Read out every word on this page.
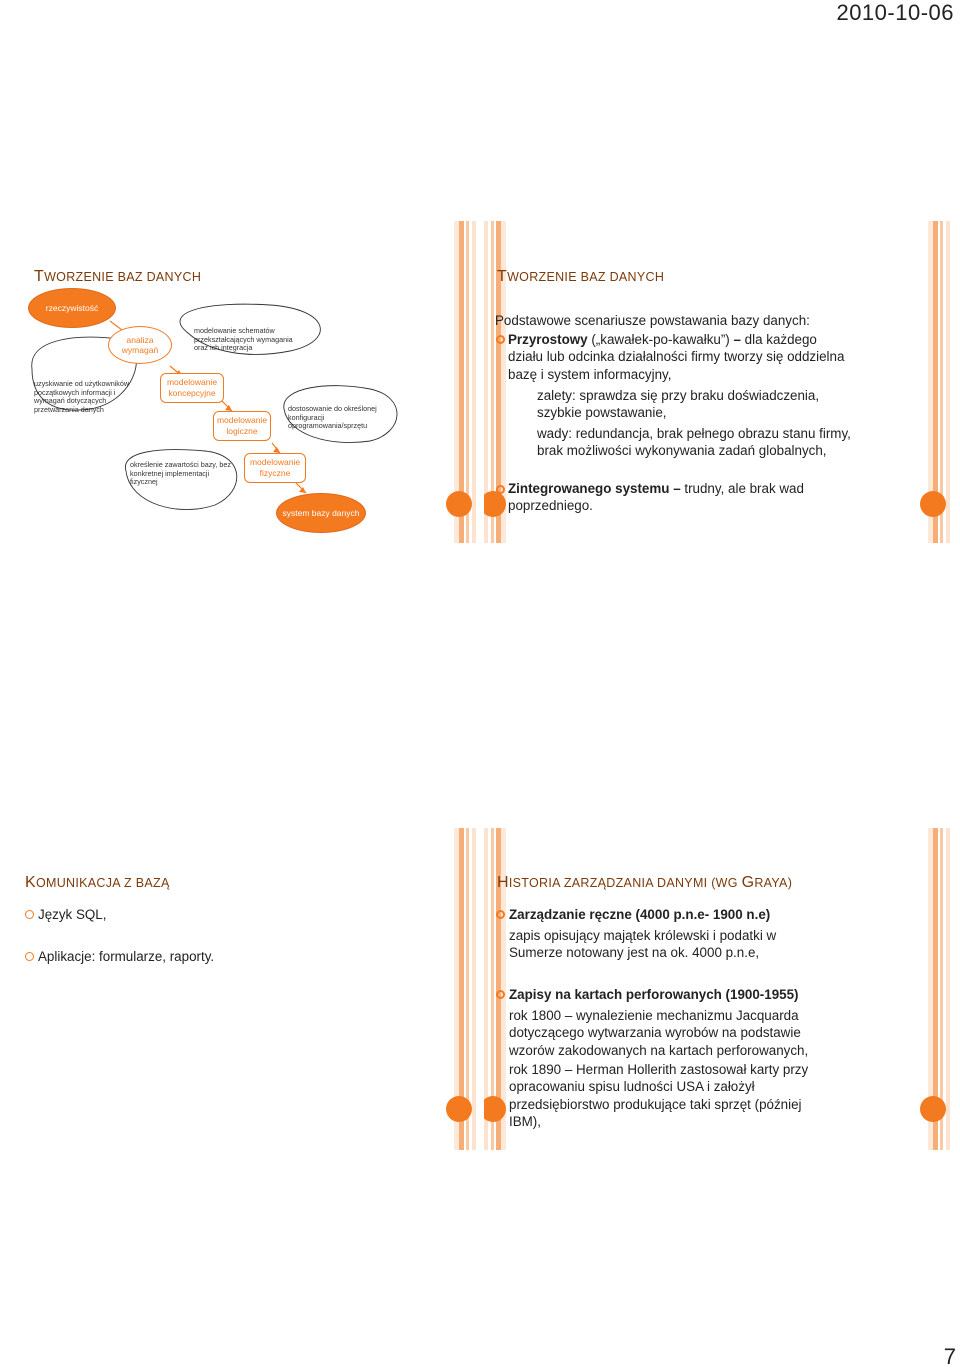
2010-10-06
TWORZENIE BAZ DANYCH
rzeczywistość
analiza wymagań
modelowanie koncepcyjne
modelowanie logiczne
modelowanie fizyczne
system bazy danych
uzyskiwanie od użytkowników początkowych informacji i wymagań dotyczących przetwarzania danych
modelowanie schematów przekształcających wymagania oraz ich integracja
określenie zawartości bazy, bez konkretnej implementacji fizycznej
dostosowanie do określonej konfiguracji oprogramowania/sprzętu
TWORZENIE BAZ DANYCH
Podstawowe scenariusze powstawania bazy danych:
Przyrostowy („kawałek-po-kawałku”) – dla każdego działu lub odcinka działalności firmy tworzy się oddzielna bazę i system informacyjny,
zalety: sprawdza się przy braku doświadczenia, szybkie powstawanie,
wady: redundancja, brak pełnego obrazu stanu firmy, brak możliwości wykonywania zadań globalnych,
Zintegrowanego systemu – trudny, ale brak wad poprzedniego.
KOMUNIKACJA Z BAZĄ
Język SQL,
Aplikacje: formularze, raporty.
HISTORIA ZARZĄDZANIA DANYMI (WG GRAYA)
Zarządzanie ręczne (4000 p.n.e- 1900 n.e)
zapis opisujący majątek królewski i podatki w Sumerze notowany jest na ok. 4000 p.n.e,
Zapisy na kartach perforowanych (1900-1955)
rok 1800 – wynalezienie mechanizmu Jacquarda dotyczącego wytwarzania wyrobów na podstawie wzorów zakodowanych na kartach perforowanych,
rok 1890 – Herman Hollerith zastosował karty przy opracowaniu spisu ludności USA i założył przedsiębiorstwo produkujące taki sprzęt (później IBM),
7
